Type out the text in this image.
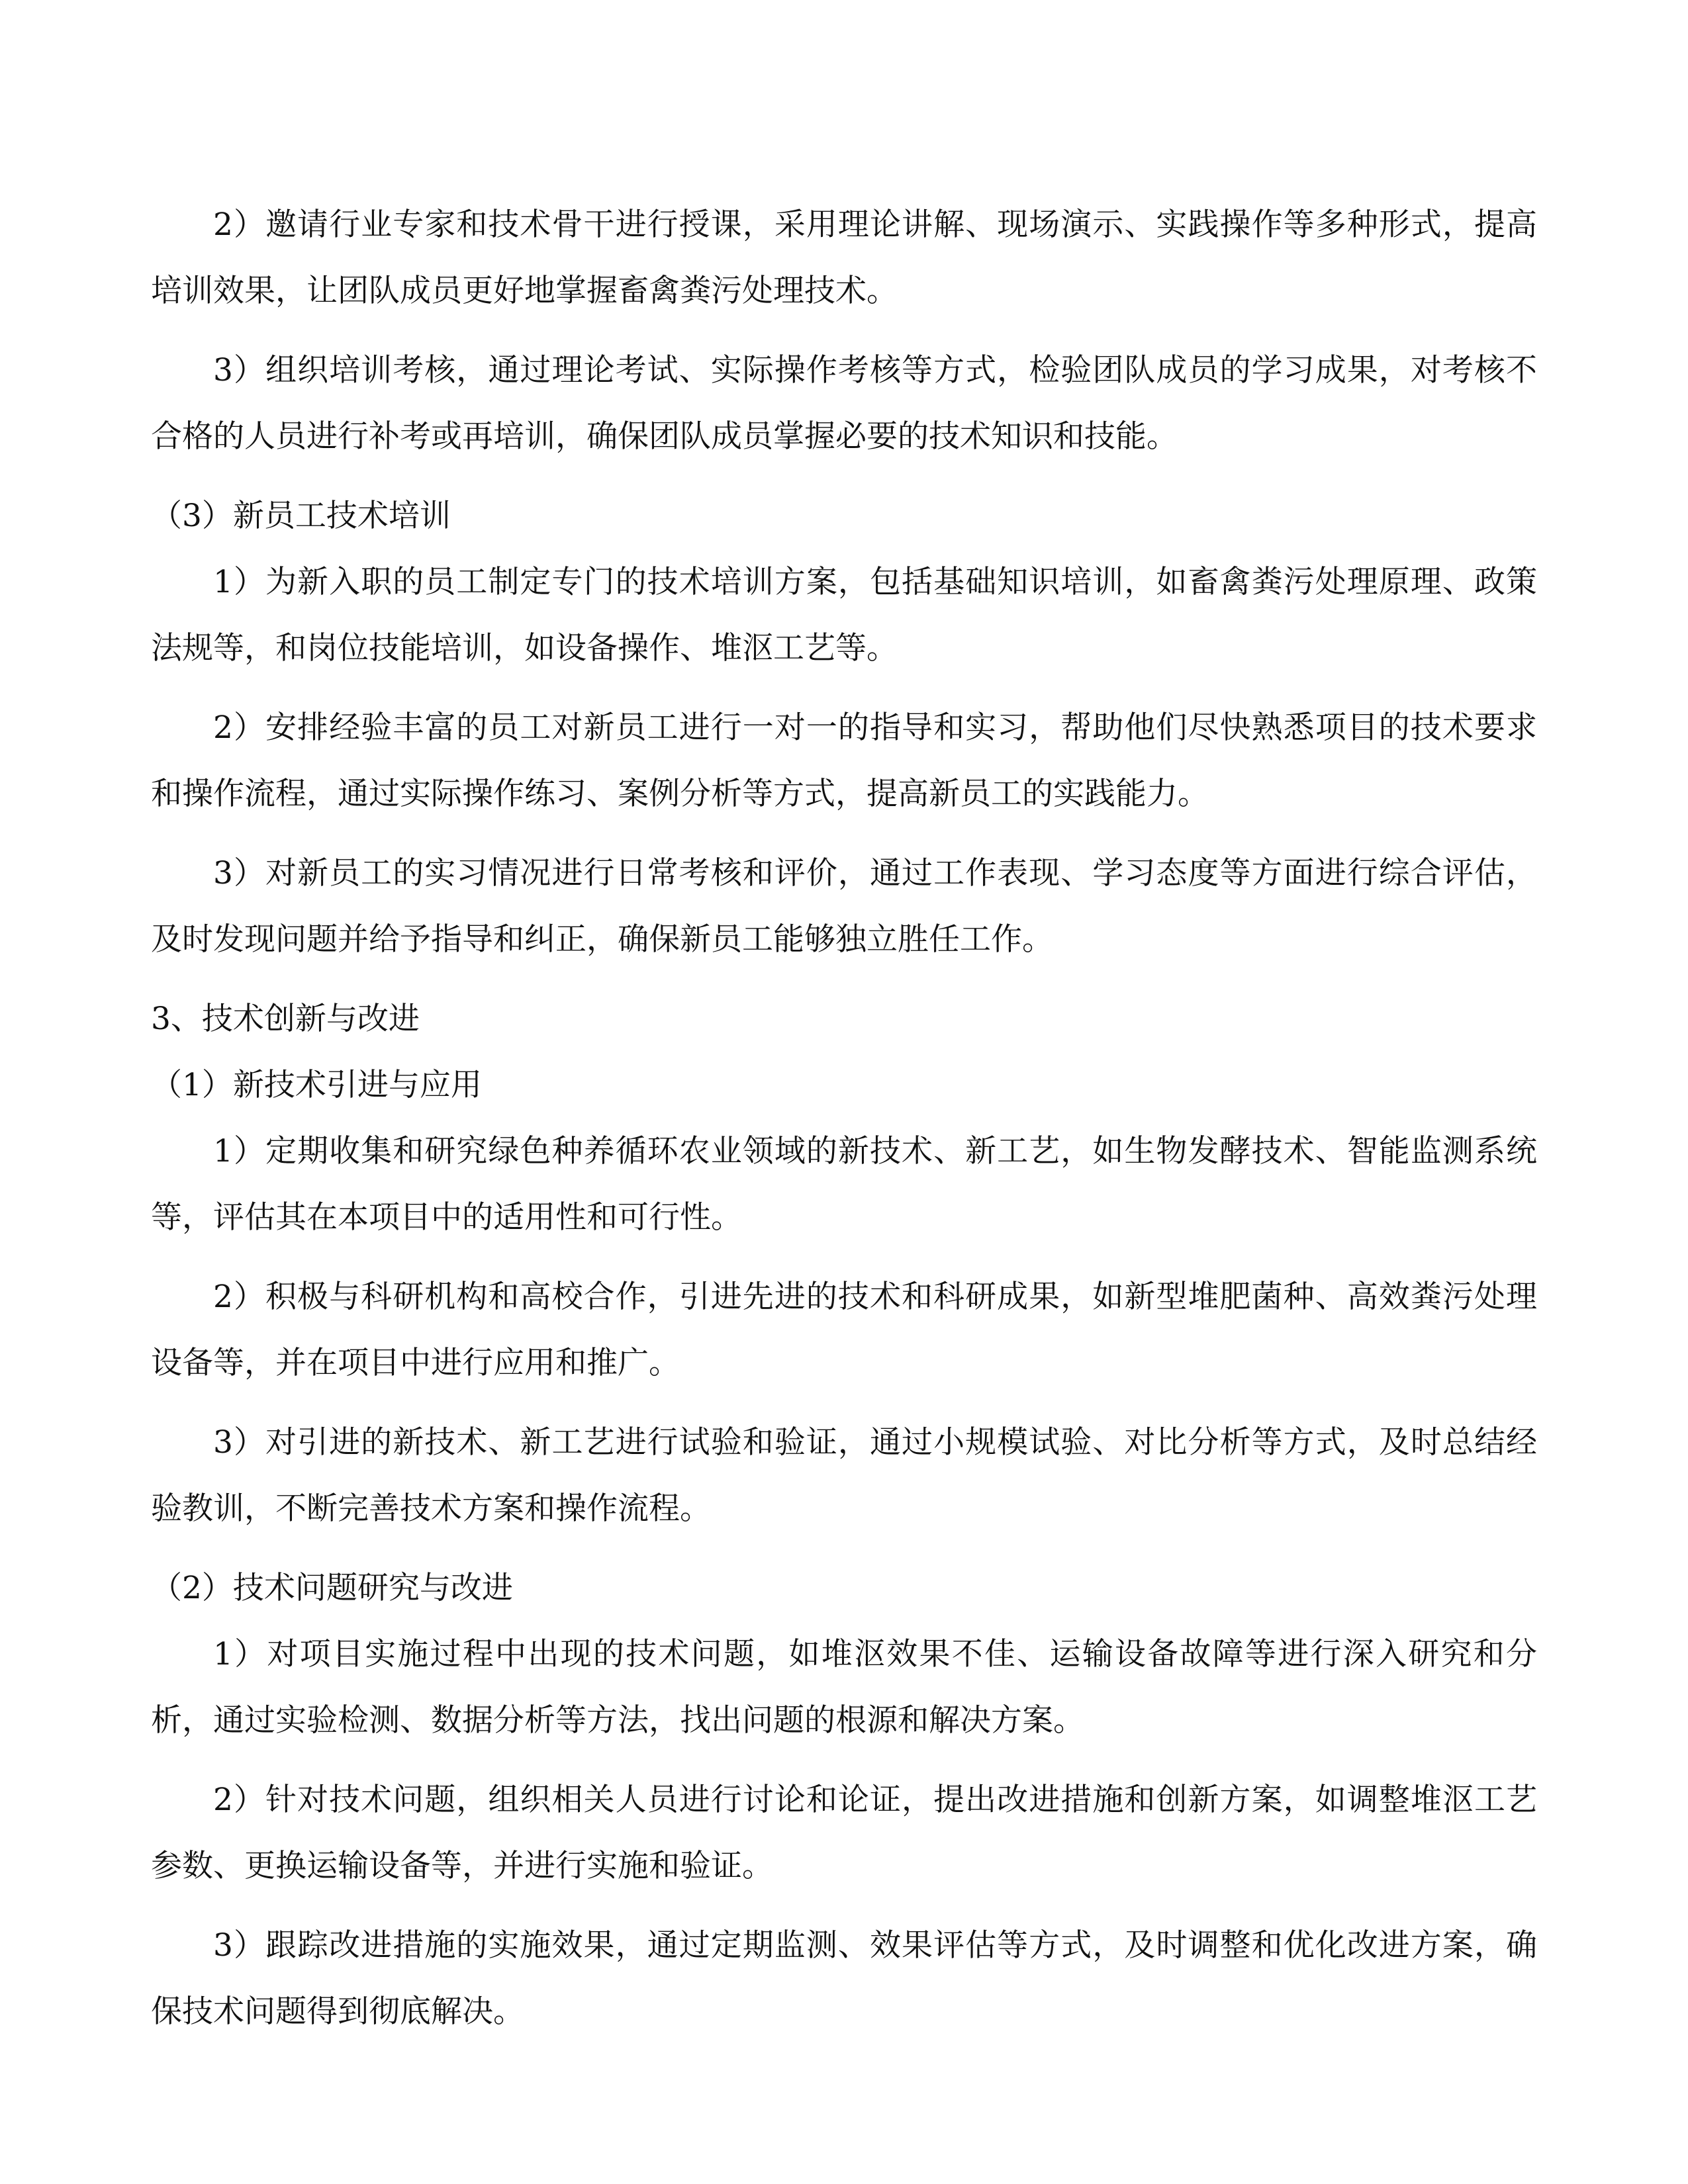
2）邀请行业专家和技术骨干进行授课，采用理论讲解、现场演示、实践操作等多种形式，提高培训效果，让团队成员更好地掌握畜禽粪污处理技术。

3）组织培训考核，通过理论考试、实际操作考核等方式，检验团队成员的学习成果，对考核不合格的人员进行补考或再培训，确保团队成员掌握必要的技术知识和技能。

（3）新员工技术培训

1）为新入职的员工制定专门的技术培训方案，包括基础知识培训，如畜禽粪污处理原理、政策法规等，和岗位技能培训，如设备操作、堆沤工艺等。

2）安排经验丰富的员工对新员工进行一对一的指导和实习，帮助他们尽快熟悉项目的技术要求和操作流程，通过实际操作练习、案例分析等方式，提高新员工的实践能力。

3）对新员工的实习情况进行日常考核和评价，通过工作表现、学习态度等方面进行综合评估，及时发现问题并给予指导和纠正，确保新员工能够独立胜任工作。

3、技术创新与改进

（1）新技术引进与应用

1）定期收集和研究绿色种养循环农业领域的新技术、新工艺，如生物发酵技术、智能监测系统等，评估其在本项目中的适用性和可行性。

2）积极与科研机构和高校合作，引进先进的技术和科研成果，如新型堆肥菌种、高效粪污处理设备等，并在项目中进行应用和推广。

3）对引进的新技术、新工艺进行试验和验证，通过小规模试验、对比分析等方式，及时总结经验教训，不断完善技术方案和操作流程。

（2）技术问题研究与改进

1）对项目实施过程中出现的技术问题，如堆沤效果不佳、运输设备故障等进行深入研究和分析，通过实验检测、数据分析等方法，找出问题的根源和解决方案。

2）针对技术问题，组织相关人员进行讨论和论证，提出改进措施和创新方案，如调整堆沤工艺参数、更换运输设备等，并进行实施和验证。

3）跟踪改进措施的实施效果，通过定期监测、效果评估等方式，及时调整和优化改进方案，确保技术问题得到彻底解决。
